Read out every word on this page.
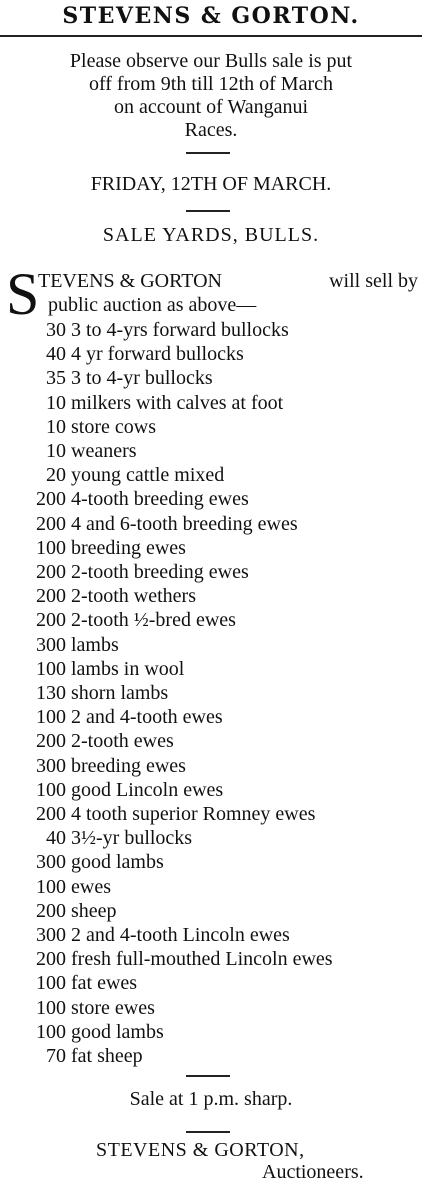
STEVENS & GORTON.
Please observe our Bulls sale is put
off from 9th till 12th of March
on account of Wanganui
Races.
FRIDAY, 12TH OF MARCH.
SALE YARDS, BULLS.
S
TEVENS & GORTON	will sell by
public auction as above—
30 3 to 4-yrs forward bullocks
40 4 yr forward bullocks
35 3 to 4-yr bullocks
10 milkers with calves at foot
10 store cows
10 weaners
20 young cattle mixed
200 4-tooth breeding ewes
200 4 and 6-tooth breeding ewes
100 breeding ewes
200 2-tooth breeding ewes
200 2-tooth wethers
200 2-tooth ½-bred ewes
300 lambs
100 lambs in wool
130 shorn lambs
100 2 and 4-tooth ewes
200 2-tooth ewes
300 breeding ewes
100 good Lincoln ewes
200 4 tooth superior Romney ewes
40 3½-yr bullocks
300 good lambs
100 ewes
200 sheep
300 2 and 4-tooth Lincoln ewes
200 fresh full-mouthed Lincoln ewes
100 fat ewes
100 store ewes
100 good lambs
70 fat sheep
Sale at 1 p.m. sharp.
STEVENS & GORTON,
Auctioneers.
